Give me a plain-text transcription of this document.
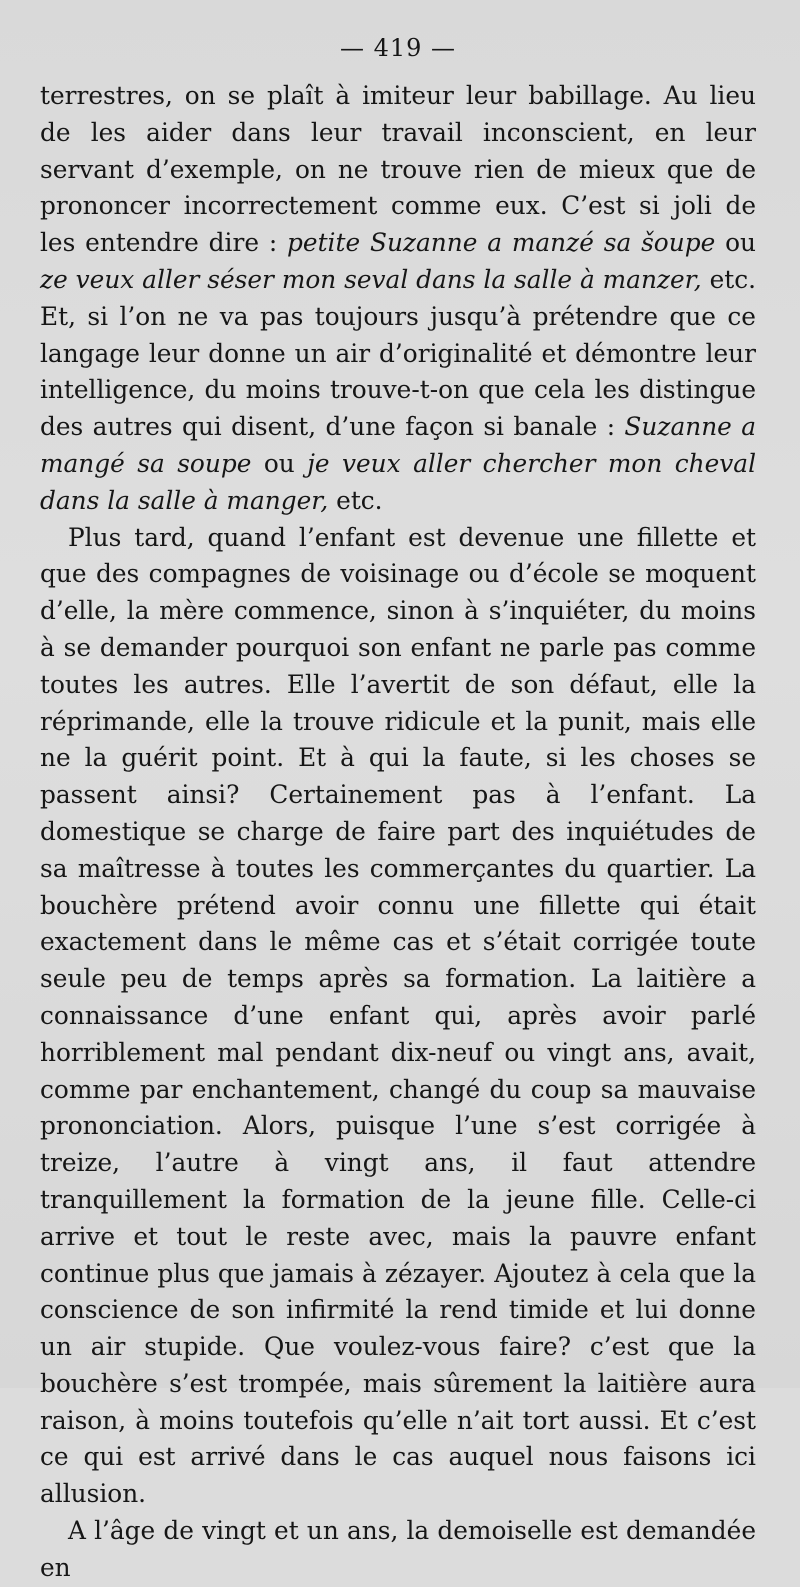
— 419 —

terrestres, on se plaît à imiteur leur babillage. Au lieu de les aider dans leur travail inconscient, en leur servant d’exemple, on ne trouve rien de mieux que de prononcer incorrectement comme eux. C’est si joli de les entendre dire : petite Suzanne a manzé sa šoupe ou ze veux aller séser mon seval dans la salle à manzer, etc. Et, si l’on ne va pas toujours jusqu’à prétendre que ce langage leur donne un air d’originalité et démontre leur intelligence, du moins trouve-t-on que cela les distingue des autres qui disent, d’une façon si banale : Suzanne a mangé sa soupe ou je veux aller chercher mon cheval dans la salle à manger, etc.

Plus tard, quand l’enfant est devenue une fillette et que des compagnes de voisinage ou d’école se moquent d’elle, la mère commence, sinon à s’inquiéter, du moins à se demander pourquoi son enfant ne parle pas comme toutes les autres. Elle l’avertit de son défaut, elle la réprimande, elle la trouve ridicule et la punit, mais elle ne la guérit point. Et à qui la faute, si les choses se passent ainsi? Certainement pas à l’enfant. La domestique se charge de faire part des inquiétudes de sa maîtresse à toutes les commerçantes du quartier. La bouchère prétend avoir connu une fillette qui était exactement dans le même cas et s’était corrigée toute seule peu de temps après sa formation. La laitière a connaissance d’une enfant qui, après avoir parlé horriblement mal pendant dix-neuf ou vingt ans, avait, comme par enchantement, changé du coup sa mauvaise prononciation. Alors, puisque l’une s’est corrigée à treize, l’autre à vingt ans, il faut attendre tranquillement la formation de la jeune fille. Celle-ci arrive et tout le reste avec, mais la pauvre enfant continue plus que jamais à zézayer. Ajoutez à cela que la conscience de son infirmité la rend timide et lui donne un air stupide. Que voulez-vous faire? c’est que la bouchère s’est trompée, mais sûrement la laitière aura raison, à moins toutefois qu’elle n’ait tort aussi. Et c’est ce qui est arrivé dans le cas auquel nous faisons ici allusion.

A l’âge de vingt et un ans, la demoiselle est demandée en
